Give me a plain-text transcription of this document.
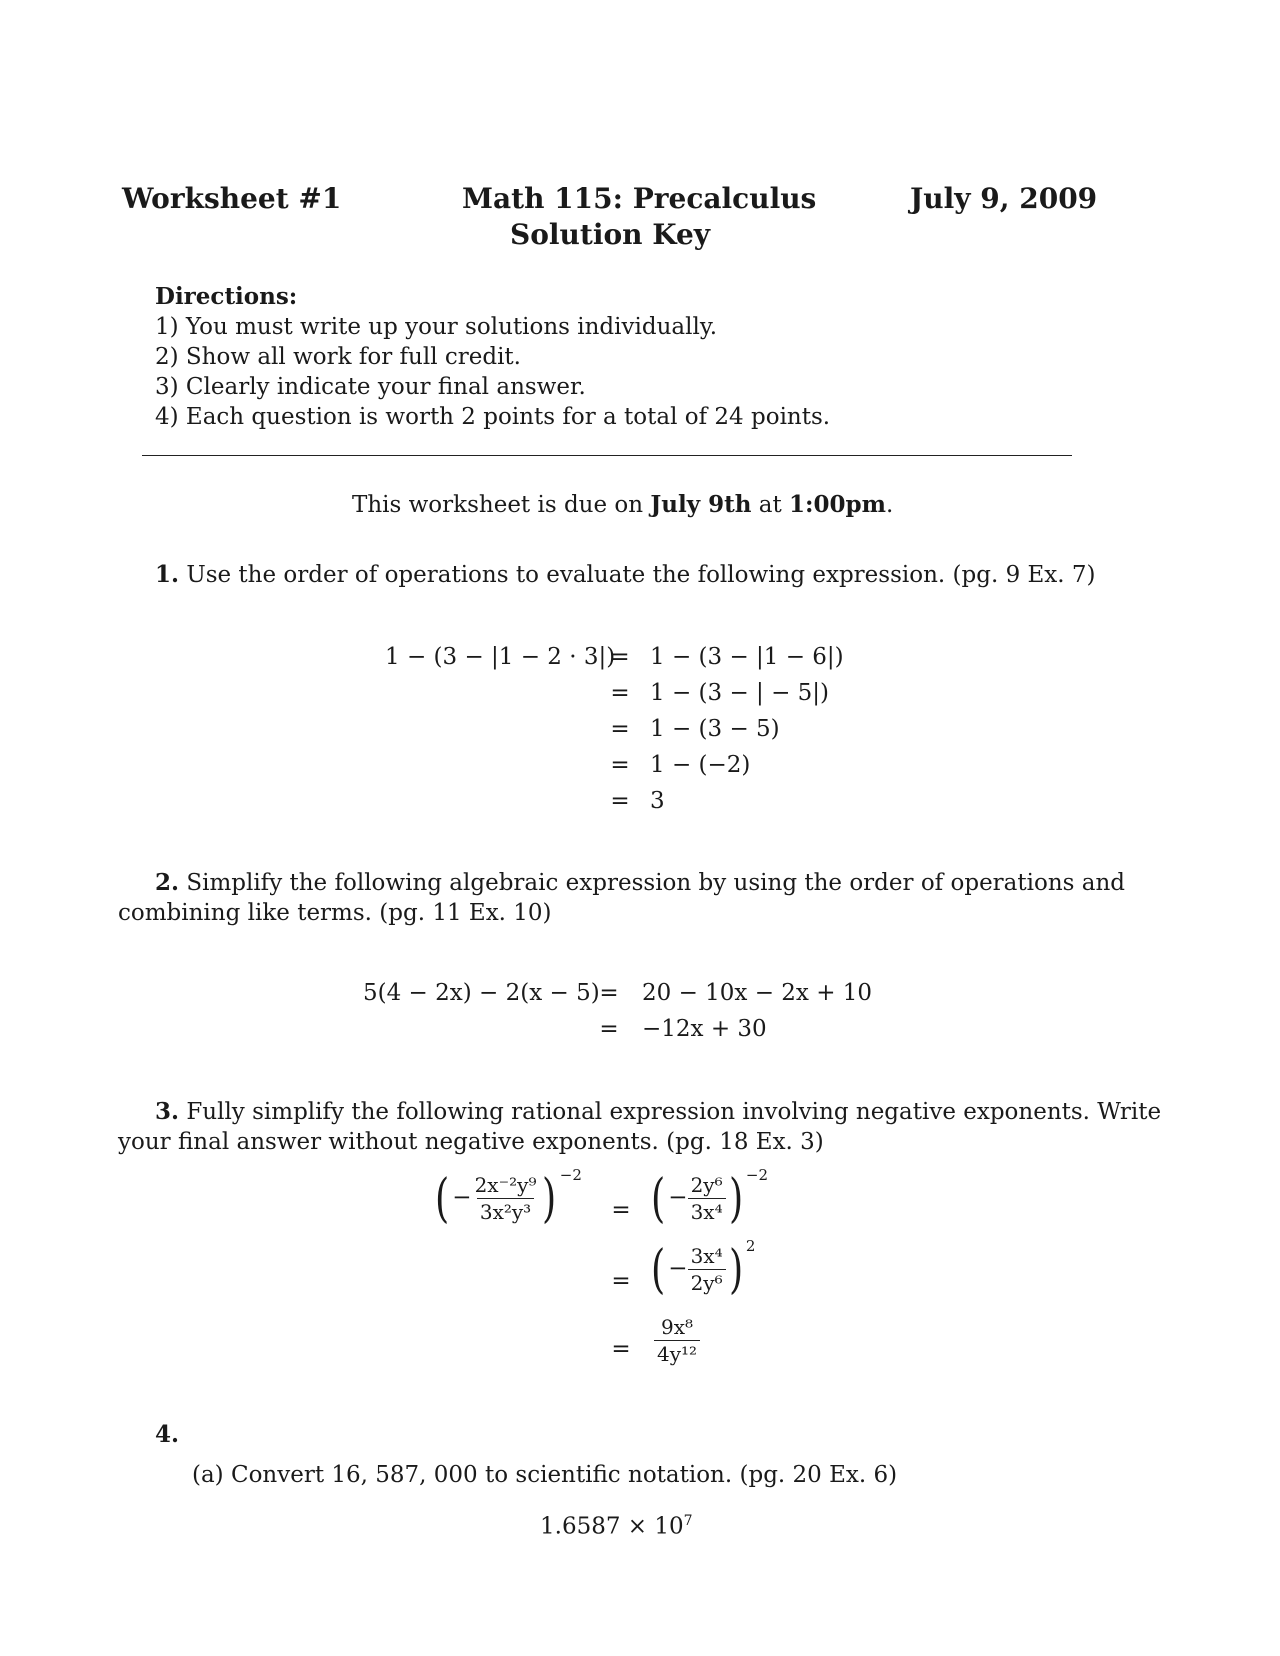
Worksheet #1	Math 115: Precalculus
Solution Key
July 9, 2009
Directions:
1) You must write up your solutions individually.
2) Show all work for full credit.
3) Clearly indicate your final answer.
4) Each question is worth 2 points for a total of 24 points.
This worksheet is due on July 9th at 1:00pm.
1. Use the order of operations to evaluate the following expression. (pg. 9 Ex. 7)
1 − (3 − |1 − 2 · 3|)
= 1 − (3 − |1 − 6|)
= 1 − (3 − | − 5|)
= 1 − (3 − 5)
= 1 − (−2)
= 3
2. Simplify the following algebraic expression by using the order of operations and
combining like terms. (pg. 11 Ex. 10)
5(4 − 2x) − 2(x − 5) = 20 − 10x − 2x + 10
= −12x + 30
3. Fully simplify the following rational expression involving negative exponents. Write
your final answer without negative exponents. (pg. 18 Ex. 3)
( − $\frac{\text{2x⁻²y⁹}}{\text{3x²y³}}$ ) $^{-2}$
= ( − $\frac{\text{2y⁶}}{\text{3x⁴}}$ ) $^{-2}$
= ( − $\frac{\text{3x⁴}}{\text{2y⁶}}$ ) $^2$
= $\frac{\text{9x⁸}}{\text{4y¹²}}$
4.
(a) Convert 16, 587, 000 to scientific notation. (pg. 20 Ex. 6)
$1.6587 \times 10^7$
